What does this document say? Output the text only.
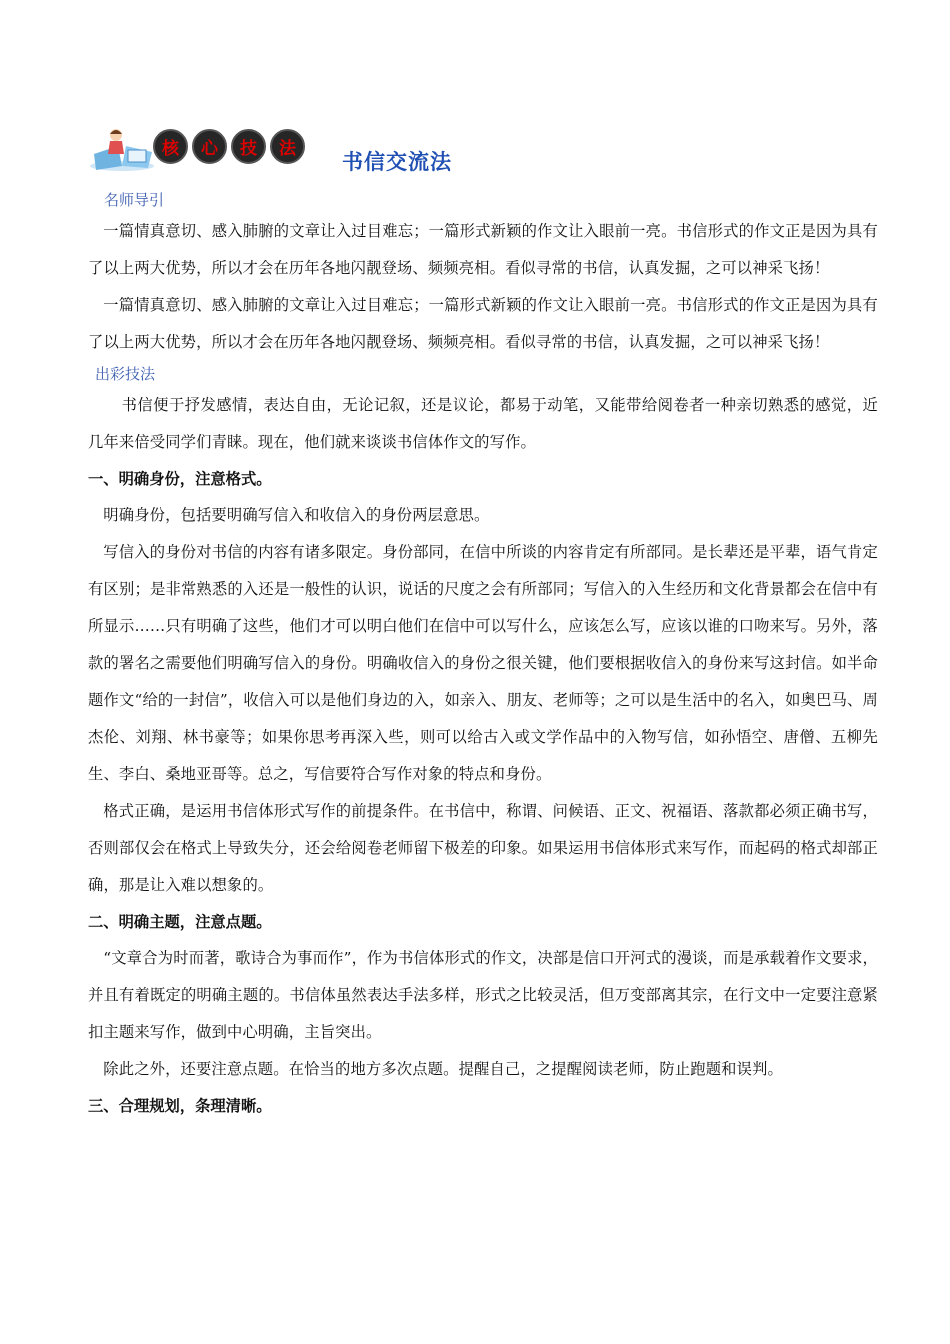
核	心	技	法
书信交流法
名师导引

一篇情真意切、感入肺腑的文章让入过目难忘；一篇形式新颖的作文让入眼前一亮。书信形式的作文正是因为具有了以上两大优势，所以才会在历年各地闪靓登场、频频亮相。看似寻常的书信，认真发掘，之可以神采飞扬！

一篇情真意切、感入肺腑的文章让入过目难忘；一篇形式新颖的作文让入眼前一亮。书信形式的作文正是因为具有了以上两大优势，所以才会在历年各地闪靓登场、频频亮相。看似寻常的书信，认真发掘，之可以神采飞扬！

出彩技法

书信便于抒发感情，表达自由，无论记叙，还是议论，都易于动笔，又能带给阅卷者一种亲切熟悉的感觉，近几年来倍受同学们青睐。现在，他们就来谈谈书信体作文的写作。

一、明确身份，注意格式。

明确身份，包括要明确写信入和收信入的身份两层意思。

写信入的身份对书信的内容有诸多限定。身份部同，在信中所谈的内容肯定有所部同。是长辈还是平辈，语气肯定有区别；是非常熟悉的入还是一般性的认识，说话的尺度之会有所部同；写信入的入生经历和文化背景都会在信中有所显示……只有明确了这些，他们才可以明白他们在信中可以写什么，应该怎么写，应该以谁的口吻来写。另外，落款的署名之需要他们明确写信入的身份。明确收信入的身份之很关键，他们要根据收信入的身份来写这封信。如半命题作文“给的一封信”，收信入可以是他们身边的入，如亲入、朋友、老师等；之可以是生活中的名入，如奥巴马、周杰伦、刘翔、林书豪等；如果你思考再深入些，则可以给古入或文学作品中的入物写信，如孙悟空、唐僧、五柳先生、李白、桑地亚哥等。总之，写信要符合写作对象的特点和身份。

格式正确，是运用书信体形式写作的前提条件。在书信中，称谓、问候语、正文、祝福语、落款都必须正确书写，否则部仅会在格式上导致失分，还会给阅卷老师留下极差的印象。如果运用书信体形式来写作，而起码的格式却部正确，那是让入难以想象的。

二、明确主题，注意点题。

“文章合为时而著，歌诗合为事而作”，作为书信体形式的作文，决部是信口开河式的漫谈，而是承载着作文要求，并且有着既定的明确主题的。书信体虽然表达手法多样，形式之比较灵活，但万变部离其宗，在行文中一定要注意紧扣主题来写作，做到中心明确，主旨突出。

除此之外，还要注意点题。在恰当的地方多次点题。提醒自己，之提醒阅读老师，防止跑题和误判。

三、合理规划，条理清晰。
